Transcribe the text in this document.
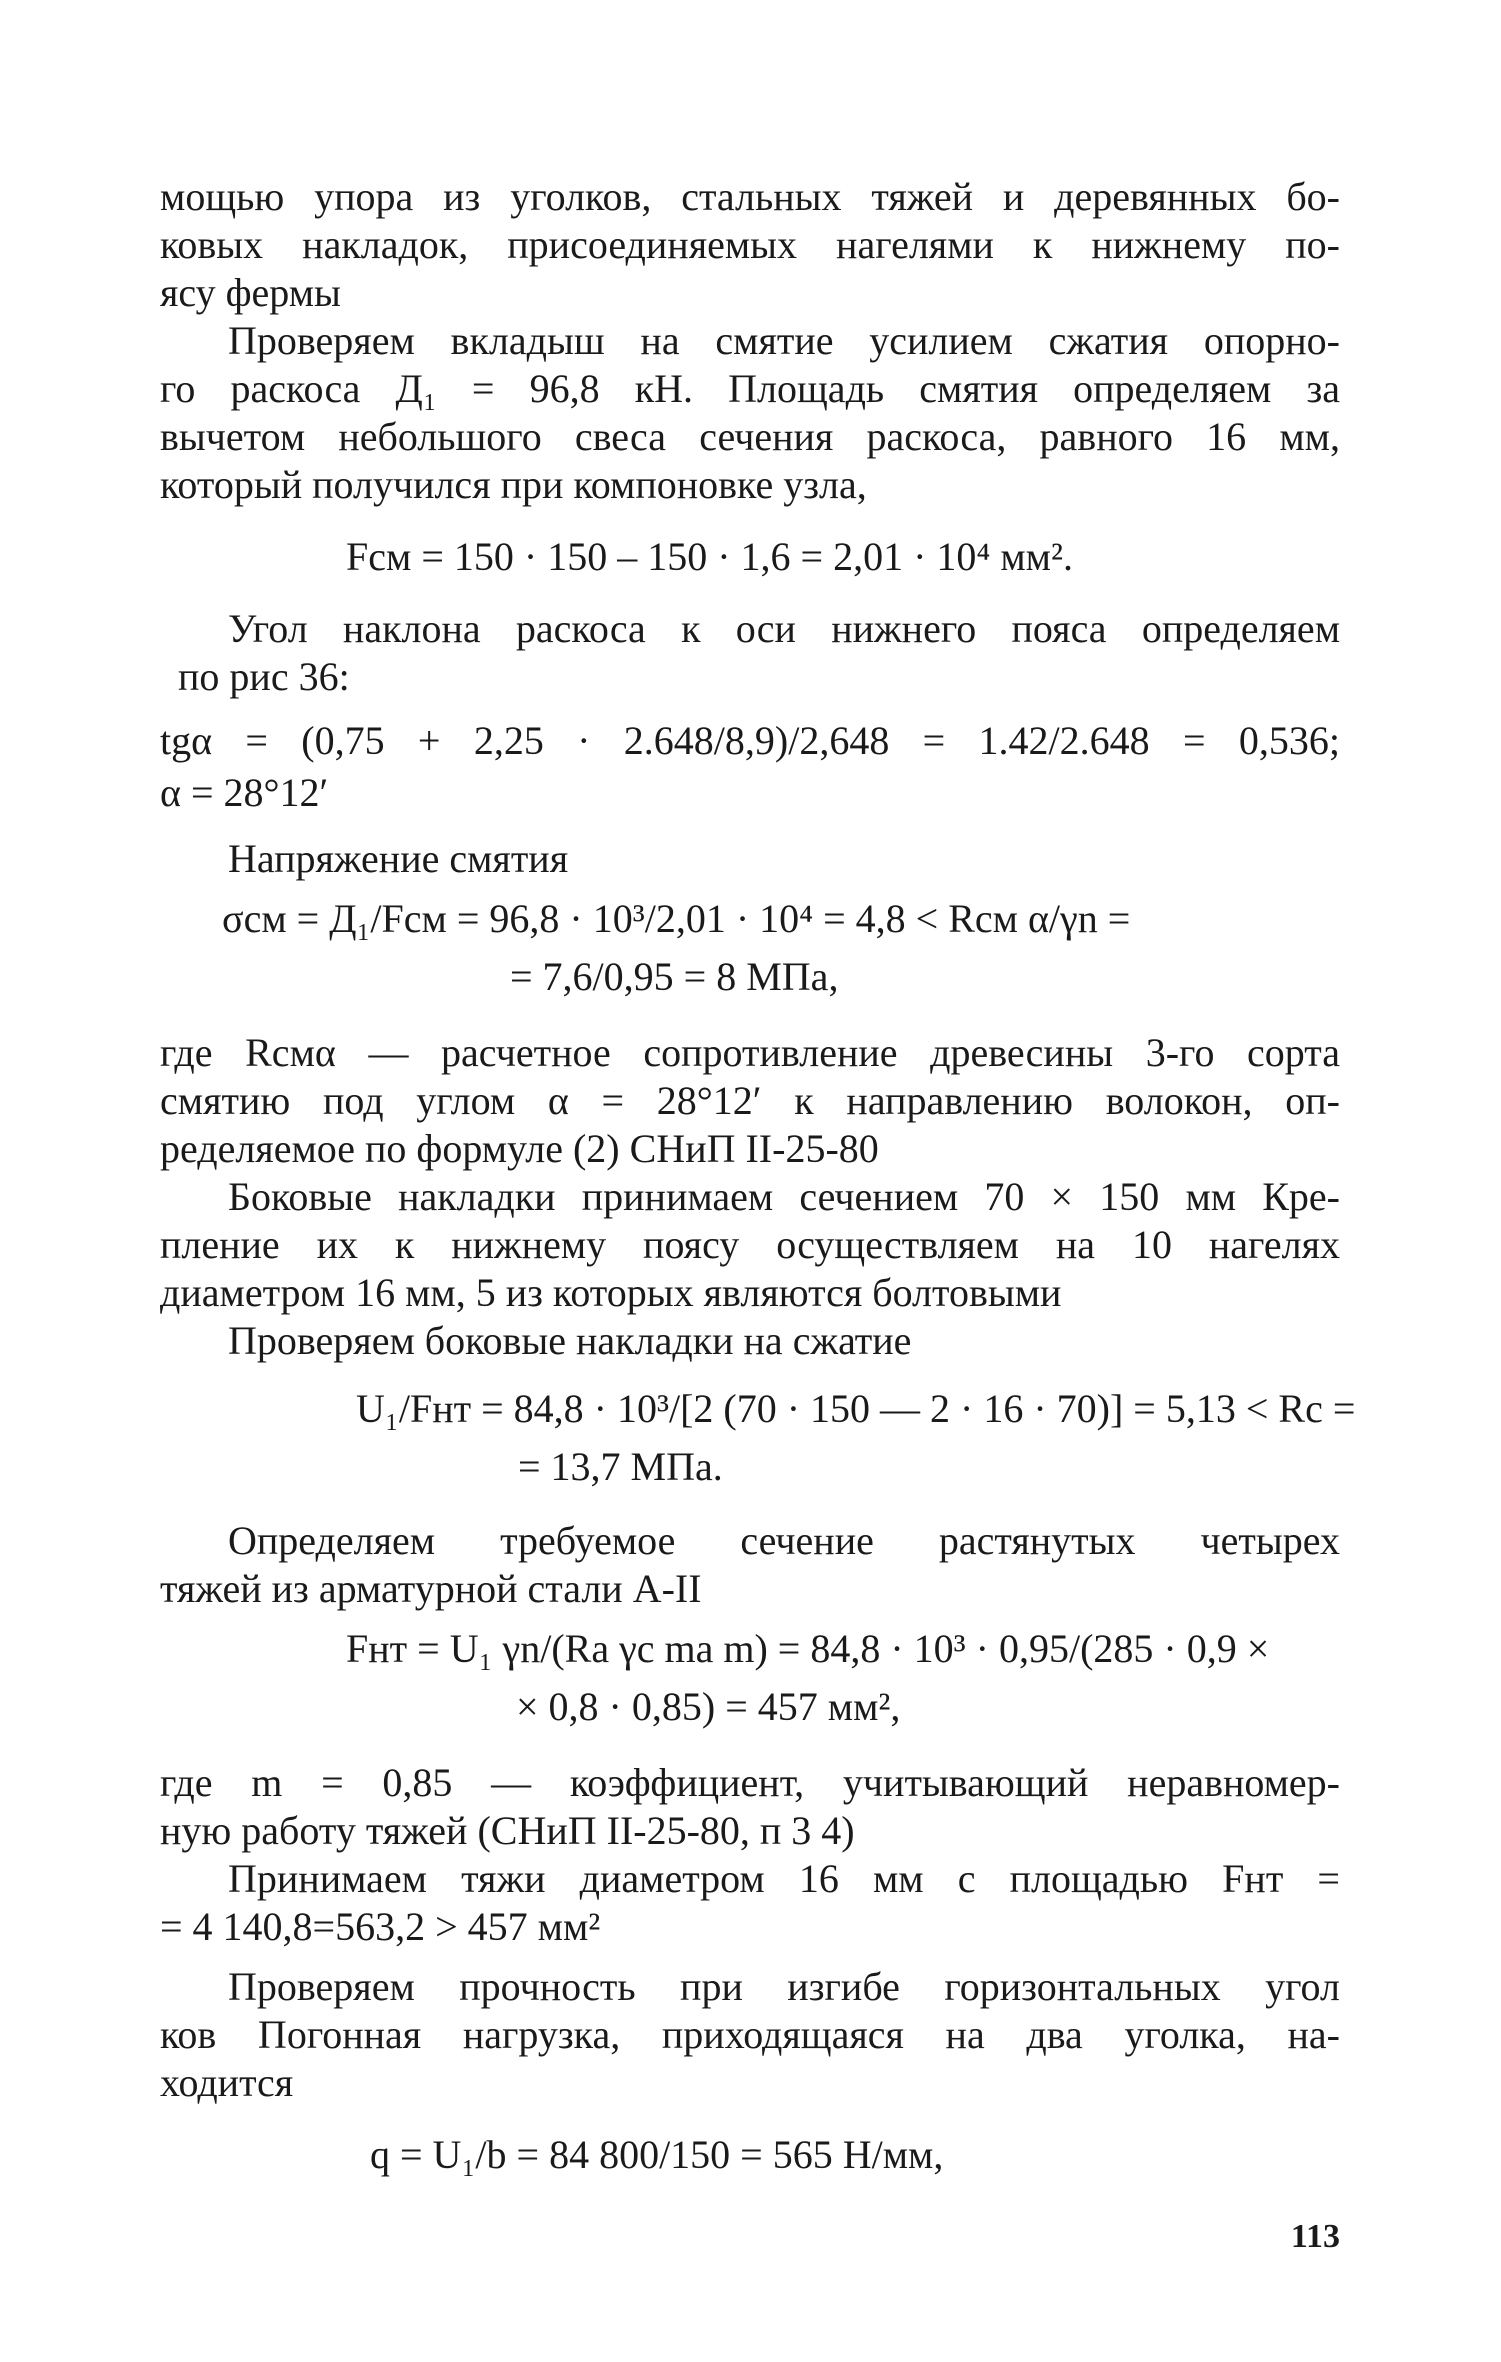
мощью упора из уголков, стальных тяжей и деревянных бо-
ковых накладок, присоединяемых нагелями к нижнему по-
ясу фермы
Проверяем вкладыш на смятие усилием сжатия опорно-
го раскоса Д₁ = 96,8 кН. Площадь смятия определяем за
вычетом небольшого свеса сечения раскоса, равного 16 мм,
который получился при компоновке узла,
Fсм = 150 · 150 – 150 · 1,6 = 2,01 · 10⁴ мм².
Угол наклона раскоса к оси нижнего пояса определяем
по рис 36:
tgα = (0,75 + 2,25 · 2.648/8,9)/2,648 = 1.42/2.648 = 0,536;
α = 28°12′
Напряжение смятия
σсм = Д₁/Fсм = 96,8 · 10³/2,01 · 10⁴ = 4,8 < Rсм α/γn =
= 7,6/0,95 = 8 МПа,
где Rсмα — расчетное сопротивление древесины 3-го сорта
смятию под углом α = 28°12′ к направлению волокон, оп-
ределяемое по формуле (2) СНиП II-25-80
Боковые накладки принимаем сечением 70 × 150 мм Кре-
пление их к нижнему поясу осуществляем на 10 нагелях
диаметром 16 мм, 5 из которых являются болтовыми
Проверяем боковые накладки на сжатие
U₁/Fнт = 84,8 · 10³/[2 (70 · 150 — 2 · 16 · 70)] = 5,13 < Rc =
= 13,7 МПа.
Определяем требуемое сечение растянутых четырех
тяжей из арматурной стали А-II
Fнт = U₁ γn/(Rа γc mа m) = 84,8 · 10³ · 0,95/(285 · 0,9 ×
× 0,8 · 0,85) = 457 мм²,
где m = 0,85 — коэффициент, учитывающий неравномер-
ную работу тяжей (СНиП II-25-80, п 3 4)
Принимаем тяжи диаметром 16 мм с площадью Fнт =
= 4 140,8=563,2 > 457 мм²
Проверяем прочность при изгибе горизонтальных угол
ков Погонная нагрузка, приходящаяся на два уголка, на-
ходится
q = U₁/b = 84 800/150 = 565 Н/мм,
113
